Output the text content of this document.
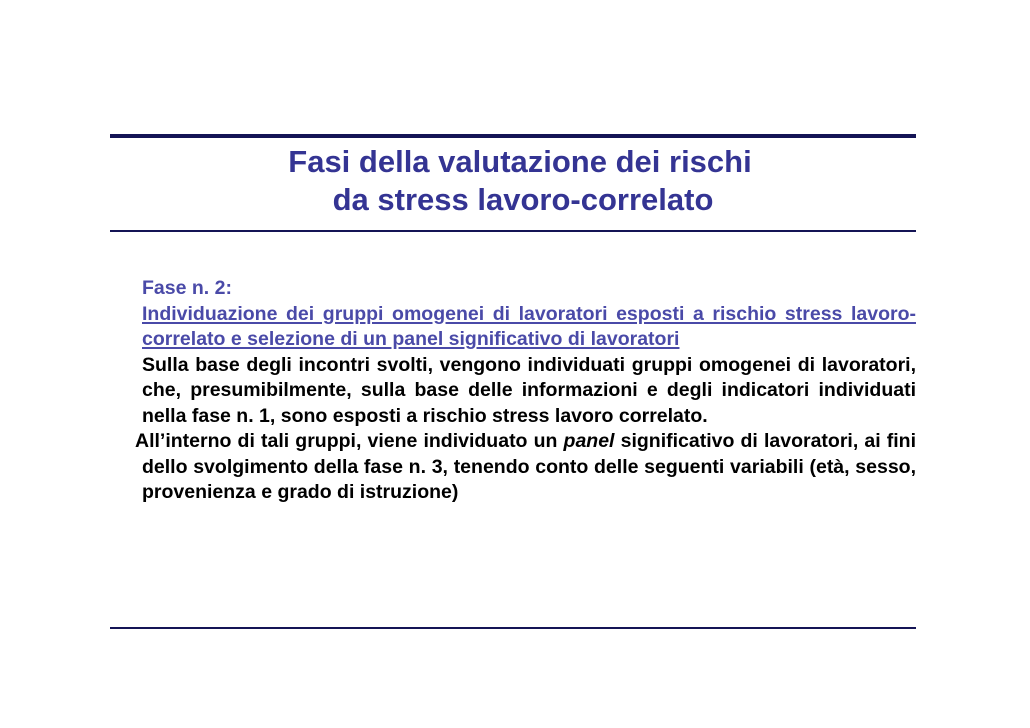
Fasi della valutazione dei rischi
da stress lavoro-correlato

Fase n. 2:

Individuazione dei gruppi omogenei di lavoratori esposti a rischio stress lavoro-correlato e selezione di un panel significativo di lavoratori

Sulla base degli incontri svolti, vengono individuati gruppi omogenei di lavoratori, che, presumibilmente, sulla base delle informazioni e degli indicatori individuati nella fase n. 1, sono esposti a rischio stress lavoro correlato.

All’interno di tali gruppi, viene individuato un panel significativo di lavoratori, ai fini dello svolgimento della fase n. 3, tenendo conto delle seguenti variabili (età, sesso, provenienza e grado di istruzione)
